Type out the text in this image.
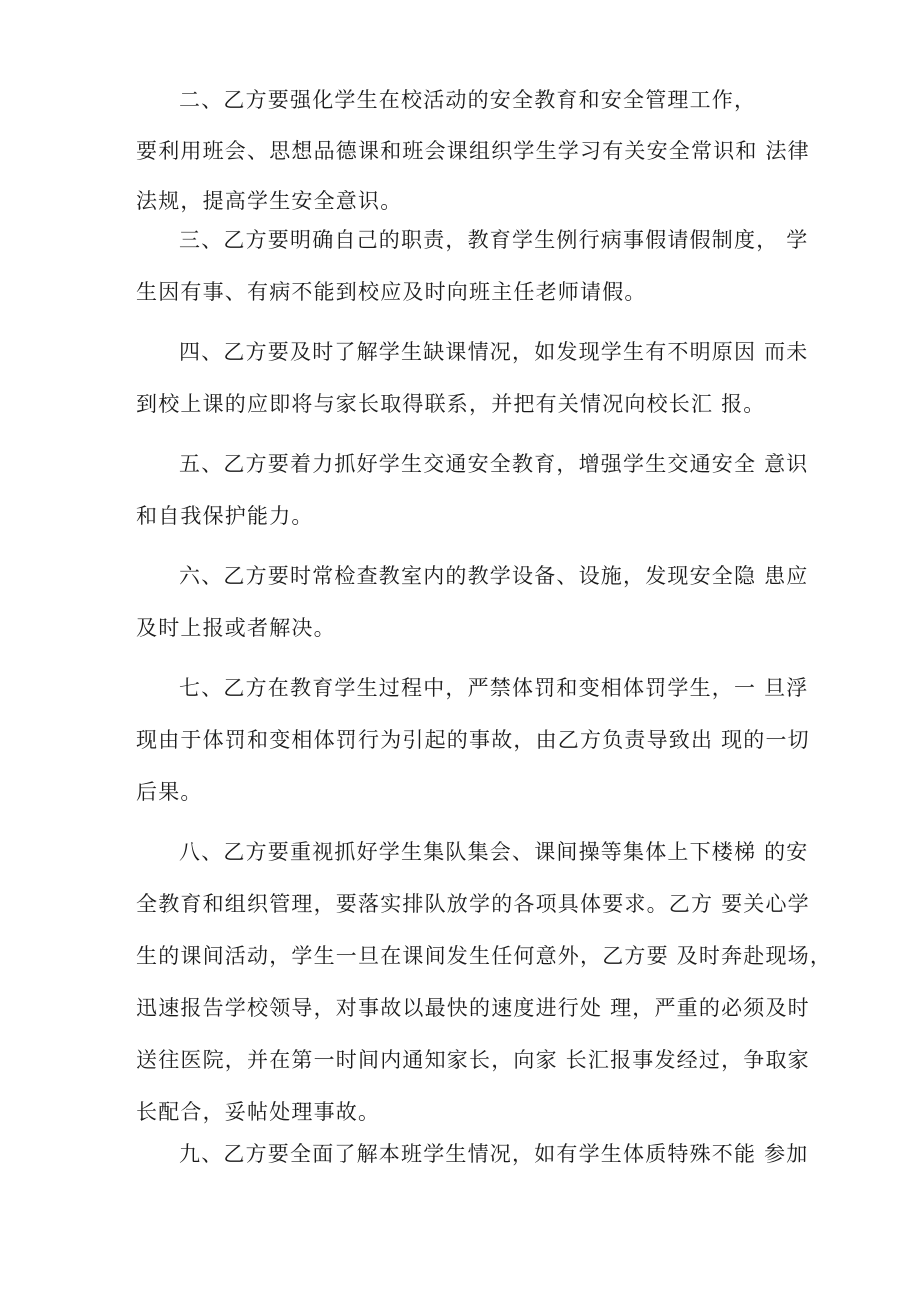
二、乙方要强化学生在校活动的安全教育和安全管理工作，
要利用班会、思想品德课和班会课组织学生学习有关安全常识和 法律
法规，提高学生安全意识。
三、乙方要明确自己的职责，教育学生例行病事假请假制度， 学
生因有事、有病不能到校应及时向班主任老师请假。
四、乙方要及时了解学生缺课情况，如发现学生有不明原因 而未
到校上课的应即将与家长取得联系，并把有关情况向校长汇 报。
五、乙方要着力抓好学生交通安全教育，增强学生交通安全 意识
和自我保护能力。
六、乙方要时常检查教室内的教学设备、设施，发现安全隐 患应
及时上报或者解决。
七、乙方在教育学生过程中，严禁体罚和变相体罚学生，一 旦浮
现由于体罚和变相体罚行为引起的事故，由乙方负责导致出 现的一切
后果。
八、乙方要重视抓好学生集队集会、课间操等集体上下楼梯 的安
全教育和组织管理，要落实排队放学的各项具体要求。乙方 要关心学
生的课间活动，学生一旦在课间发生任何意外，乙方要 及时奔赴现场，
迅速报告学校领导，对事故以最快的速度进行处 理，严重的必须及时
送往医院，并在第一时间内通知家长，向家 长汇报事发经过，争取家
长配合，妥帖处理事故。
九、乙方要全面了解本班学生情况，如有学生体质特殊不能 参加
